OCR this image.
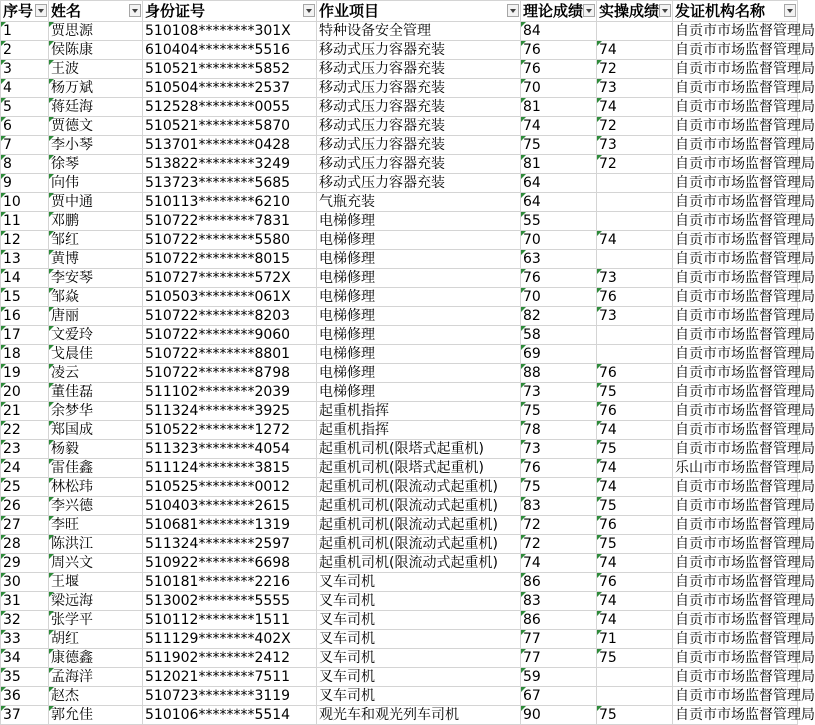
序号	姓名	身份证号	作业项目	理论成绩	实操成绩	发证机构名称

1	贾思源	510108********301X	特种设备安全管理	84		自贡市市场监督管理局
2	侯陈康	610404********5516	移动式压力容器充装	76	74	自贡市市场监督管理局
3	王波	510521********5852	移动式压力容器充装	76	72	自贡市市场监督管理局
4	杨万斌	510504********2537	移动式压力容器充装	70	73	自贡市市场监督管理局
5	蒋廷海	512528********0055	移动式压力容器充装	81	74	自贡市市场监督管理局
6	贾德文	510521********5870	移动式压力容器充装	74	72	自贡市市场监督管理局
7	李小琴	513701********0428	移动式压力容器充装	75	73	自贡市市场监督管理局
8	徐琴	513822********3249	移动式压力容器充装	81	72	自贡市市场监督管理局
9	向伟	513723********5685	移动式压力容器充装	64		自贡市市场监督管理局
10	贾中通	510113********6210	气瓶充装	64		自贡市市场监督管理局
11	邓鹏	510722********7831	电梯修理	55		自贡市市场监督管理局
12	邹红	510722********5580	电梯修理	70	74	自贡市市场监督管理局
13	黄博	510722********8015	电梯修理	63		自贡市市场监督管理局
14	李安琴	510727********572X	电梯修理	76	73	自贡市市场监督管理局
15	邹焱	510503********061X	电梯修理	70	76	自贡市市场监督管理局
16	唐丽	510722********8203	电梯修理	82	73	自贡市市场监督管理局
17	文爱玲	510722********9060	电梯修理	58		自贡市市场监督管理局
18	戈晨佳	510722********8801	电梯修理	69		自贡市市场监督管理局
19	凌云	510722********8798	电梯修理	88	76	自贡市市场监督管理局
20	董佳磊	511102********2039	电梯修理	73	75	自贡市市场监督管理局
21	余梦华	511324********3925	起重机指挥	75	76	自贡市市场监督管理局
22	郑国成	510522********1272	起重机指挥	78	74	自贡市市场监督管理局
23	杨毅	511323********4054	起重机司机(限塔式起重机)	73	75	自贡市市场监督管理局
24	雷佳鑫	511124********3815	起重机司机(限塔式起重机)	76	74	乐山市市场监督管理局
25	林松玮	510525********0012	起重机司机(限流动式起重机)	75	74	自贡市市场监督管理局
26	李兴德	510403********2615	起重机司机(限流动式起重机)	83	75	自贡市市场监督管理局
27	李旺	510681********1319	起重机司机(限流动式起重机)	72	76	自贡市市场监督管理局
28	陈洪江	511324********2597	起重机司机(限流动式起重机)	72	75	自贡市市场监督管理局
29	周兴文	510922********6698	起重机司机(限流动式起重机)	74	74	自贡市市场监督管理局
30	王堰	510181********2216	叉车司机	86	76	自贡市市场监督管理局
31	梁远海	513002********5555	叉车司机	83	74	自贡市市场监督管理局
32	张学平	510112********1511	叉车司机	86	74	自贡市市场监督管理局
33	胡红	511129********402X	叉车司机	77	71	自贡市市场监督管理局
34	康德鑫	511902********2412	叉车司机	77	75	自贡市市场监督管理局
35	孟海洋	512021********7511	叉车司机	59		自贡市市场监督管理局
36	赵杰	510723********3119	叉车司机	67		自贡市市场监督管理局
37	郭允佳	510106********5514	观光车和观光列车司机	90	75	自贡市市场监督管理局
